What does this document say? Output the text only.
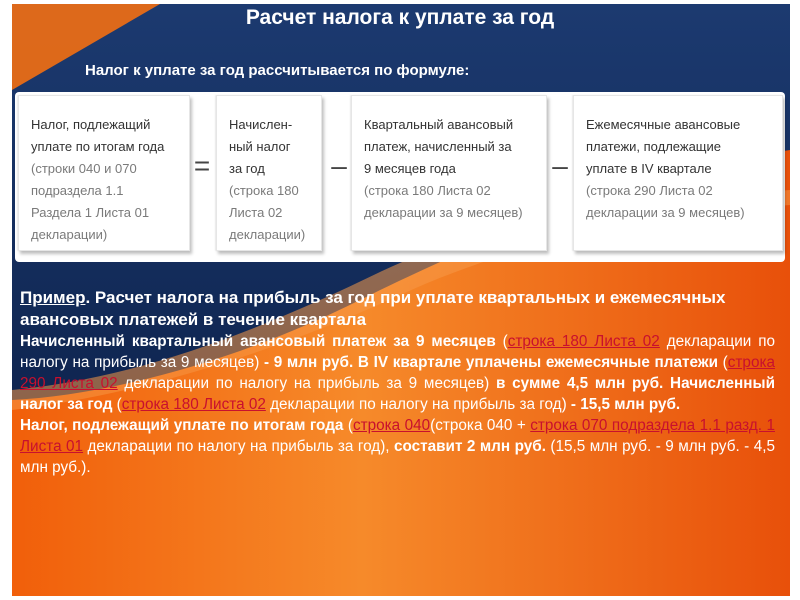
Расчет налога к уплате за год
Налог к уплате за год рассчитывается по формуле:
Налог, подлежащий
уплате по итогам года
(строки 040 и 070
подраздела 1.1
Раздела 1 Листа 01
декларации)
=
Начислен-
ный налог
за год
(строка 180
Листа 02
декларации)
–
Квартальный авансовый
платеж, начисленный за
9 месяцев года
(строка 180 Листа 02
декларации за 9 месяцев)
–
Ежемесячные авансовые
платежи, подлежащие
уплате в IV квартале
(строка 290 Листа 02
декларации за 9 месяцев)
Пример. Расчет налога на прибыль за год при уплате квартальных и ежемесячных авансовых платежей в течение квартала
Начисленный квартальный авансовый платеж за 9 месяцев (строка 180 Листа 02 декларации по налогу на прибыль за 9 месяцев) - 9 млн руб. В IV квартале уплачены ежемесячные платежи (строка 290 Листа 02 декларации по налогу на прибыль за 9 месяцев) в сумме 4,5 млн руб. Начисленный налог за год (строка 180 Листа 02 декларации по налогу на прибыль за год) - 15,5 млн руб.
Налог, подлежащий уплате по итогам года (строка 040(строка 040 + строка 070 подраздела 1.1 разд. 1 Листа 01 декларации по налогу на прибыль за год), составит 2 млн руб. (15,5 млн руб. - 9 млн руб. - 4,5 млн руб.).
